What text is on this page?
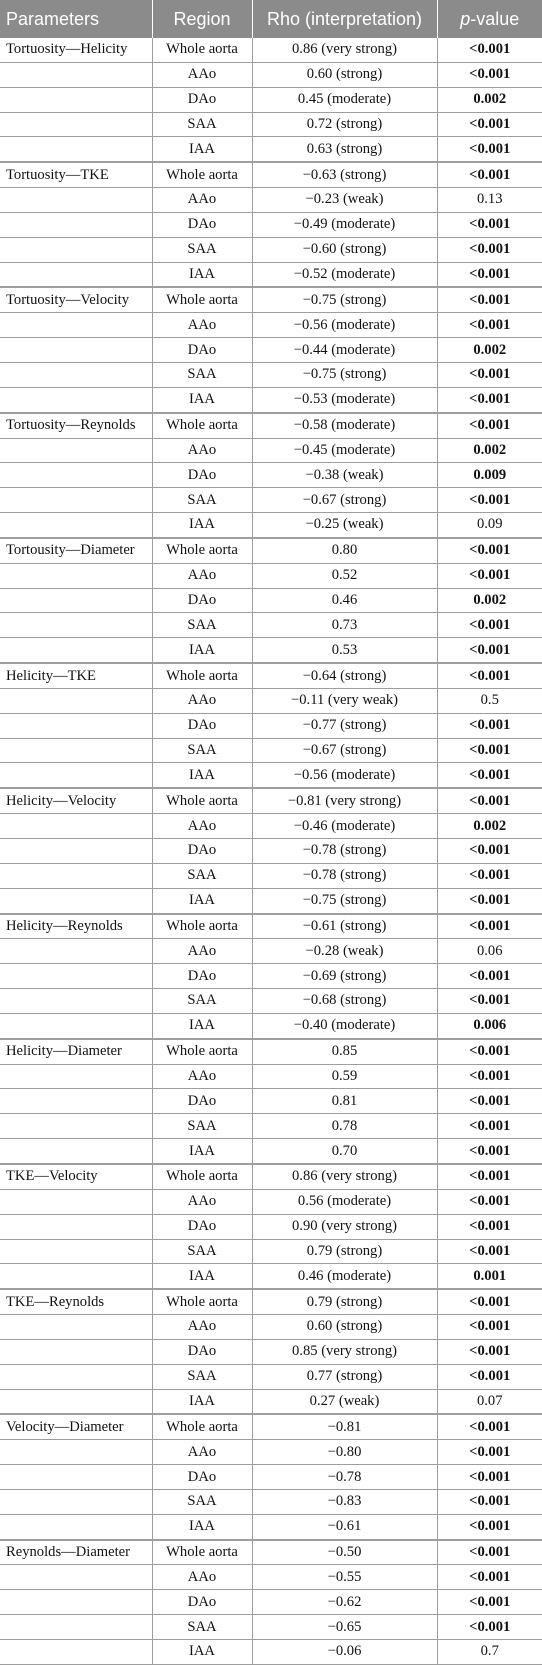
Parameters	Region	Rho (interpretation)	p-value
Tortuosity—Helicity	Whole aorta	0.86 (very strong)	<0.001
	AAo	0.60 (strong)	<0.001
	DAo	0.45 (moderate)	0.002
	SAA	0.72 (strong)	<0.001
	IAA	0.63 (strong)	<0.001
Tortuosity—TKE	Whole aorta	−0.63 (strong)	<0.001
	AAo	−0.23 (weak)	0.13
	DAo	−0.49 (moderate)	<0.001
	SAA	−0.60 (strong)	<0.001
	IAA	−0.52 (moderate)	<0.001
Tortuosity—Velocity	Whole aorta	−0.75 (strong)	<0.001
	AAo	−0.56 (moderate)	<0.001
	DAo	−0.44 (moderate)	0.002
	SAA	−0.75 (strong)	<0.001
	IAA	−0.53 (moderate)	<0.001
Tortuosity—Reynolds	Whole aorta	−0.58 (moderate)	<0.001
	AAo	−0.45 (moderate)	0.002
	DAo	−0.38 (weak)	0.009
	SAA	−0.67 (strong)	<0.001
	IAA	−0.25 (weak)	0.09
Tortousity—Diameter	Whole aorta	0.80	<0.001
	AAo	0.52	<0.001
	DAo	0.46	0.002
	SAA	0.73	<0.001
	IAA	0.53	<0.001
Helicity—TKE	Whole aorta	−0.64 (strong)	<0.001
	AAo	−0.11 (very weak)	0.5
	DAo	−0.77 (strong)	<0.001
	SAA	−0.67 (strong)	<0.001
	IAA	−0.56 (moderate)	<0.001
Helicity—Velocity	Whole aorta	−0.81 (very strong)	<0.001
	AAo	−0.46 (moderate)	0.002
	DAo	−0.78 (strong)	<0.001
	SAA	−0.78 (strong)	<0.001
	IAA	−0.75 (strong)	<0.001
Helicity—Reynolds	Whole aorta	−0.61 (strong)	<0.001
	AAo	−0.28 (weak)	0.06
	DAo	−0.69 (strong)	<0.001
	SAA	−0.68 (strong)	<0.001
	IAA	−0.40 (moderate)	0.006
Helicity—Diameter	Whole aorta	0.85	<0.001
	AAo	0.59	<0.001
	DAo	0.81	<0.001
	SAA	0.78	<0.001
	IAA	0.70	<0.001
TKE—Velocity	Whole aorta	0.86 (very strong)	<0.001
	AAo	0.56 (moderate)	<0.001
	DAo	0.90 (very strong)	<0.001
	SAA	0.79 (strong)	<0.001
	IAA	0.46 (moderate)	0.001
TKE—Reynolds	Whole aorta	0.79 (strong)	<0.001
	AAo	0.60 (strong)	<0.001
	DAo	0.85 (very strong)	<0.001
	SAA	0.77 (strong)	<0.001
	IAA	0.27 (weak)	0.07
Velocity—Diameter	Whole aorta	−0.81	<0.001
	AAo	−0.80	<0.001
	DAo	−0.78	<0.001
	SAA	−0.83	<0.001
	IAA	−0.61	<0.001
Reynolds—Diameter	Whole aorta	−0.50	<0.001
	AAo	−0.55	<0.001
	DAo	−0.62	<0.001
	SAA	−0.65	<0.001
	IAA	−0.06	0.7
